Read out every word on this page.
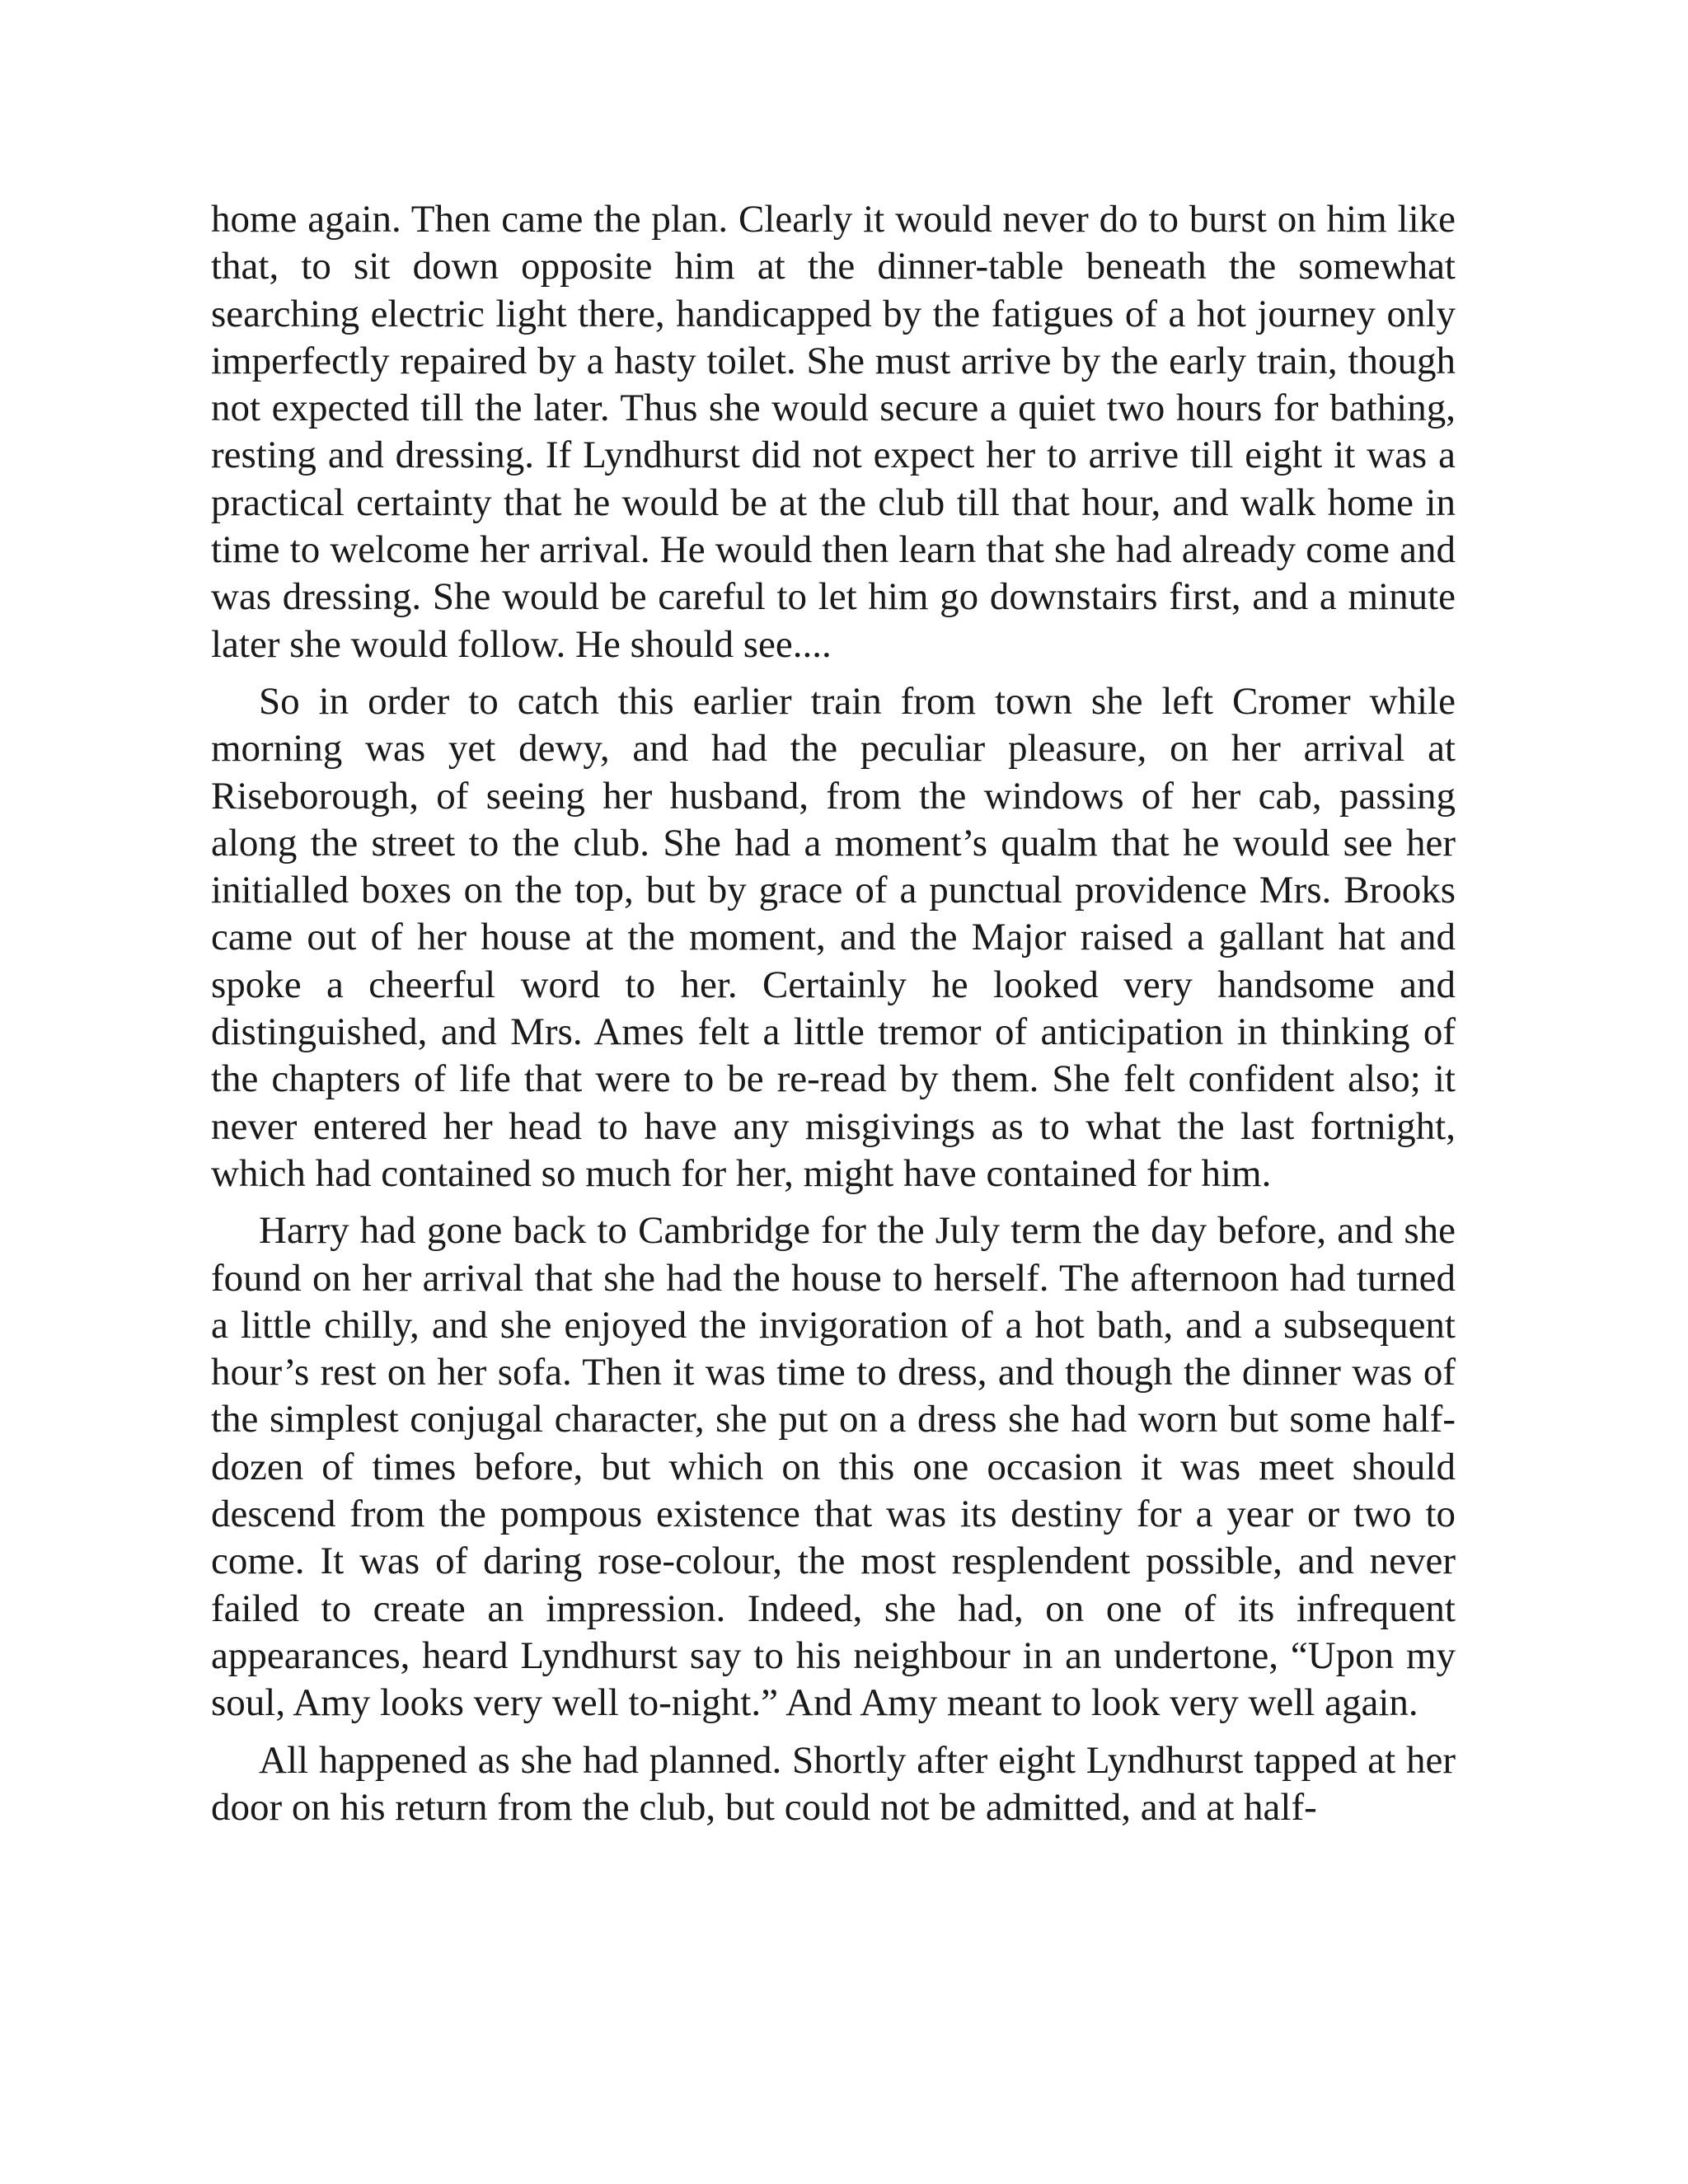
home again. Then came the plan. Clearly it would never do to burst on him like that, to sit down opposite him at the dinner-table beneath the somewhat searching electric light there, handicapped by the fatigues of a hot journey only imperfectly repaired by a hasty toilet. She must arrive by the early train, though not expected till the later. Thus she would secure a quiet two hours for bathing, resting and dressing. If Lyndhurst did not expect her to arrive till eight it was a practical certainty that he would be at the club till that hour, and walk home in time to welcome her arrival. He would then learn that she had already come and was dressing. She would be careful to let him go downstairs first, and a minute later she would follow. He should see....

So in order to catch this earlier train from town she left Cromer while morning was yet dewy, and had the peculiar pleasure, on her arrival at Riseborough, of seeing her husband, from the windows of her cab, passing along the street to the club. She had a moment’s qualm that he would see her initialled boxes on the top, but by grace of a punctual providence Mrs. Brooks came out of her house at the moment, and the Major raised a gallant hat and spoke a cheerful word to her. Certainly he looked very handsome and distinguished, and Mrs. Ames felt a little tremor of anticipation in thinking of the chapters of life that were to be re-read by them. She felt confident also; it never entered her head to have any misgivings as to what the last fortnight, which had contained so much for her, might have contained for him.

Harry had gone back to Cambridge for the July term the day before, and she found on her arrival that she had the house to herself. The afternoon had turned a little chilly, and she enjoyed the invigoration of a hot bath, and a subsequent hour’s rest on her sofa. Then it was time to dress, and though the dinner was of the simplest conjugal character, she put on a dress she had worn but some half-dozen of times before, but which on this one occasion it was meet should descend from the pompous existence that was its destiny for a year or two to come. It was of daring rose-colour, the most resplendent possible, and never failed to create an impression. Indeed, she had, on one of its infrequent appearances, heard Lyndhurst say to his neighbour in an undertone, “Upon my soul, Amy looks very well to-night.” And Amy meant to look very well again.

All happened as she had planned. Shortly after eight Lyndhurst tapped at her door on his return from the club, but could not be admitted, and at half-
